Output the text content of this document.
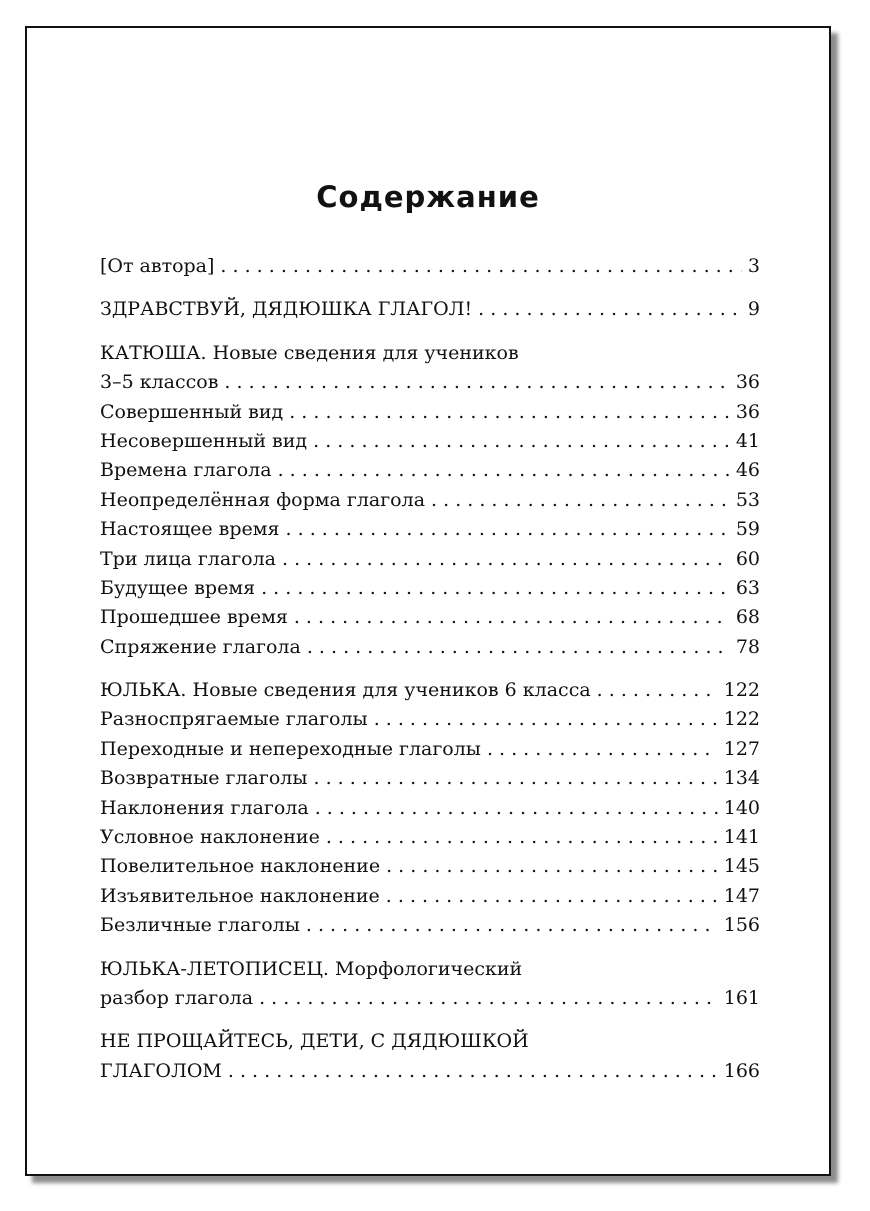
Содержание
[От автора] . . .	3
ЗДРАВСТВУЙ, ДЯДЮШКА ГЛАГОЛ! . . .	9
КАТЮША. Новые сведения для учеников
3–5 классов . . .	36
Совершенный вид . . .	36
Несовершенный вид . . .	41
Времена глагола . . .	46
Неопределённая форма глагола . . .	53
Настоящее время . . .	59
Три лица глагола . . .	60
Будущее время . . .	63
Прошедшее время . . .	68
Спряжение глагола . . .	78
ЮЛЬКА. Новые сведения для учеников 6 класса . . .	122
Разноспрягаемые глаголы . . .	122
Переходные и непереходные глаголы . . .	127
Возвратные глаголы . . .	134
Наклонения глагола . . .	140
Условное наклонение . . .	141
Повелительное наклонение . . .	145
Изъявительное наклонение . . .	147
Безличные глаголы . . .	156
ЮЛЬКА-ЛЕТОПИСЕЦ. Морфологический
разбор глагола . . .	161
НЕ ПРОЩАЙТЕСЬ, ДЕТИ, С ДЯДЮШКОЙ
ГЛАГОЛОМ . . .	166
